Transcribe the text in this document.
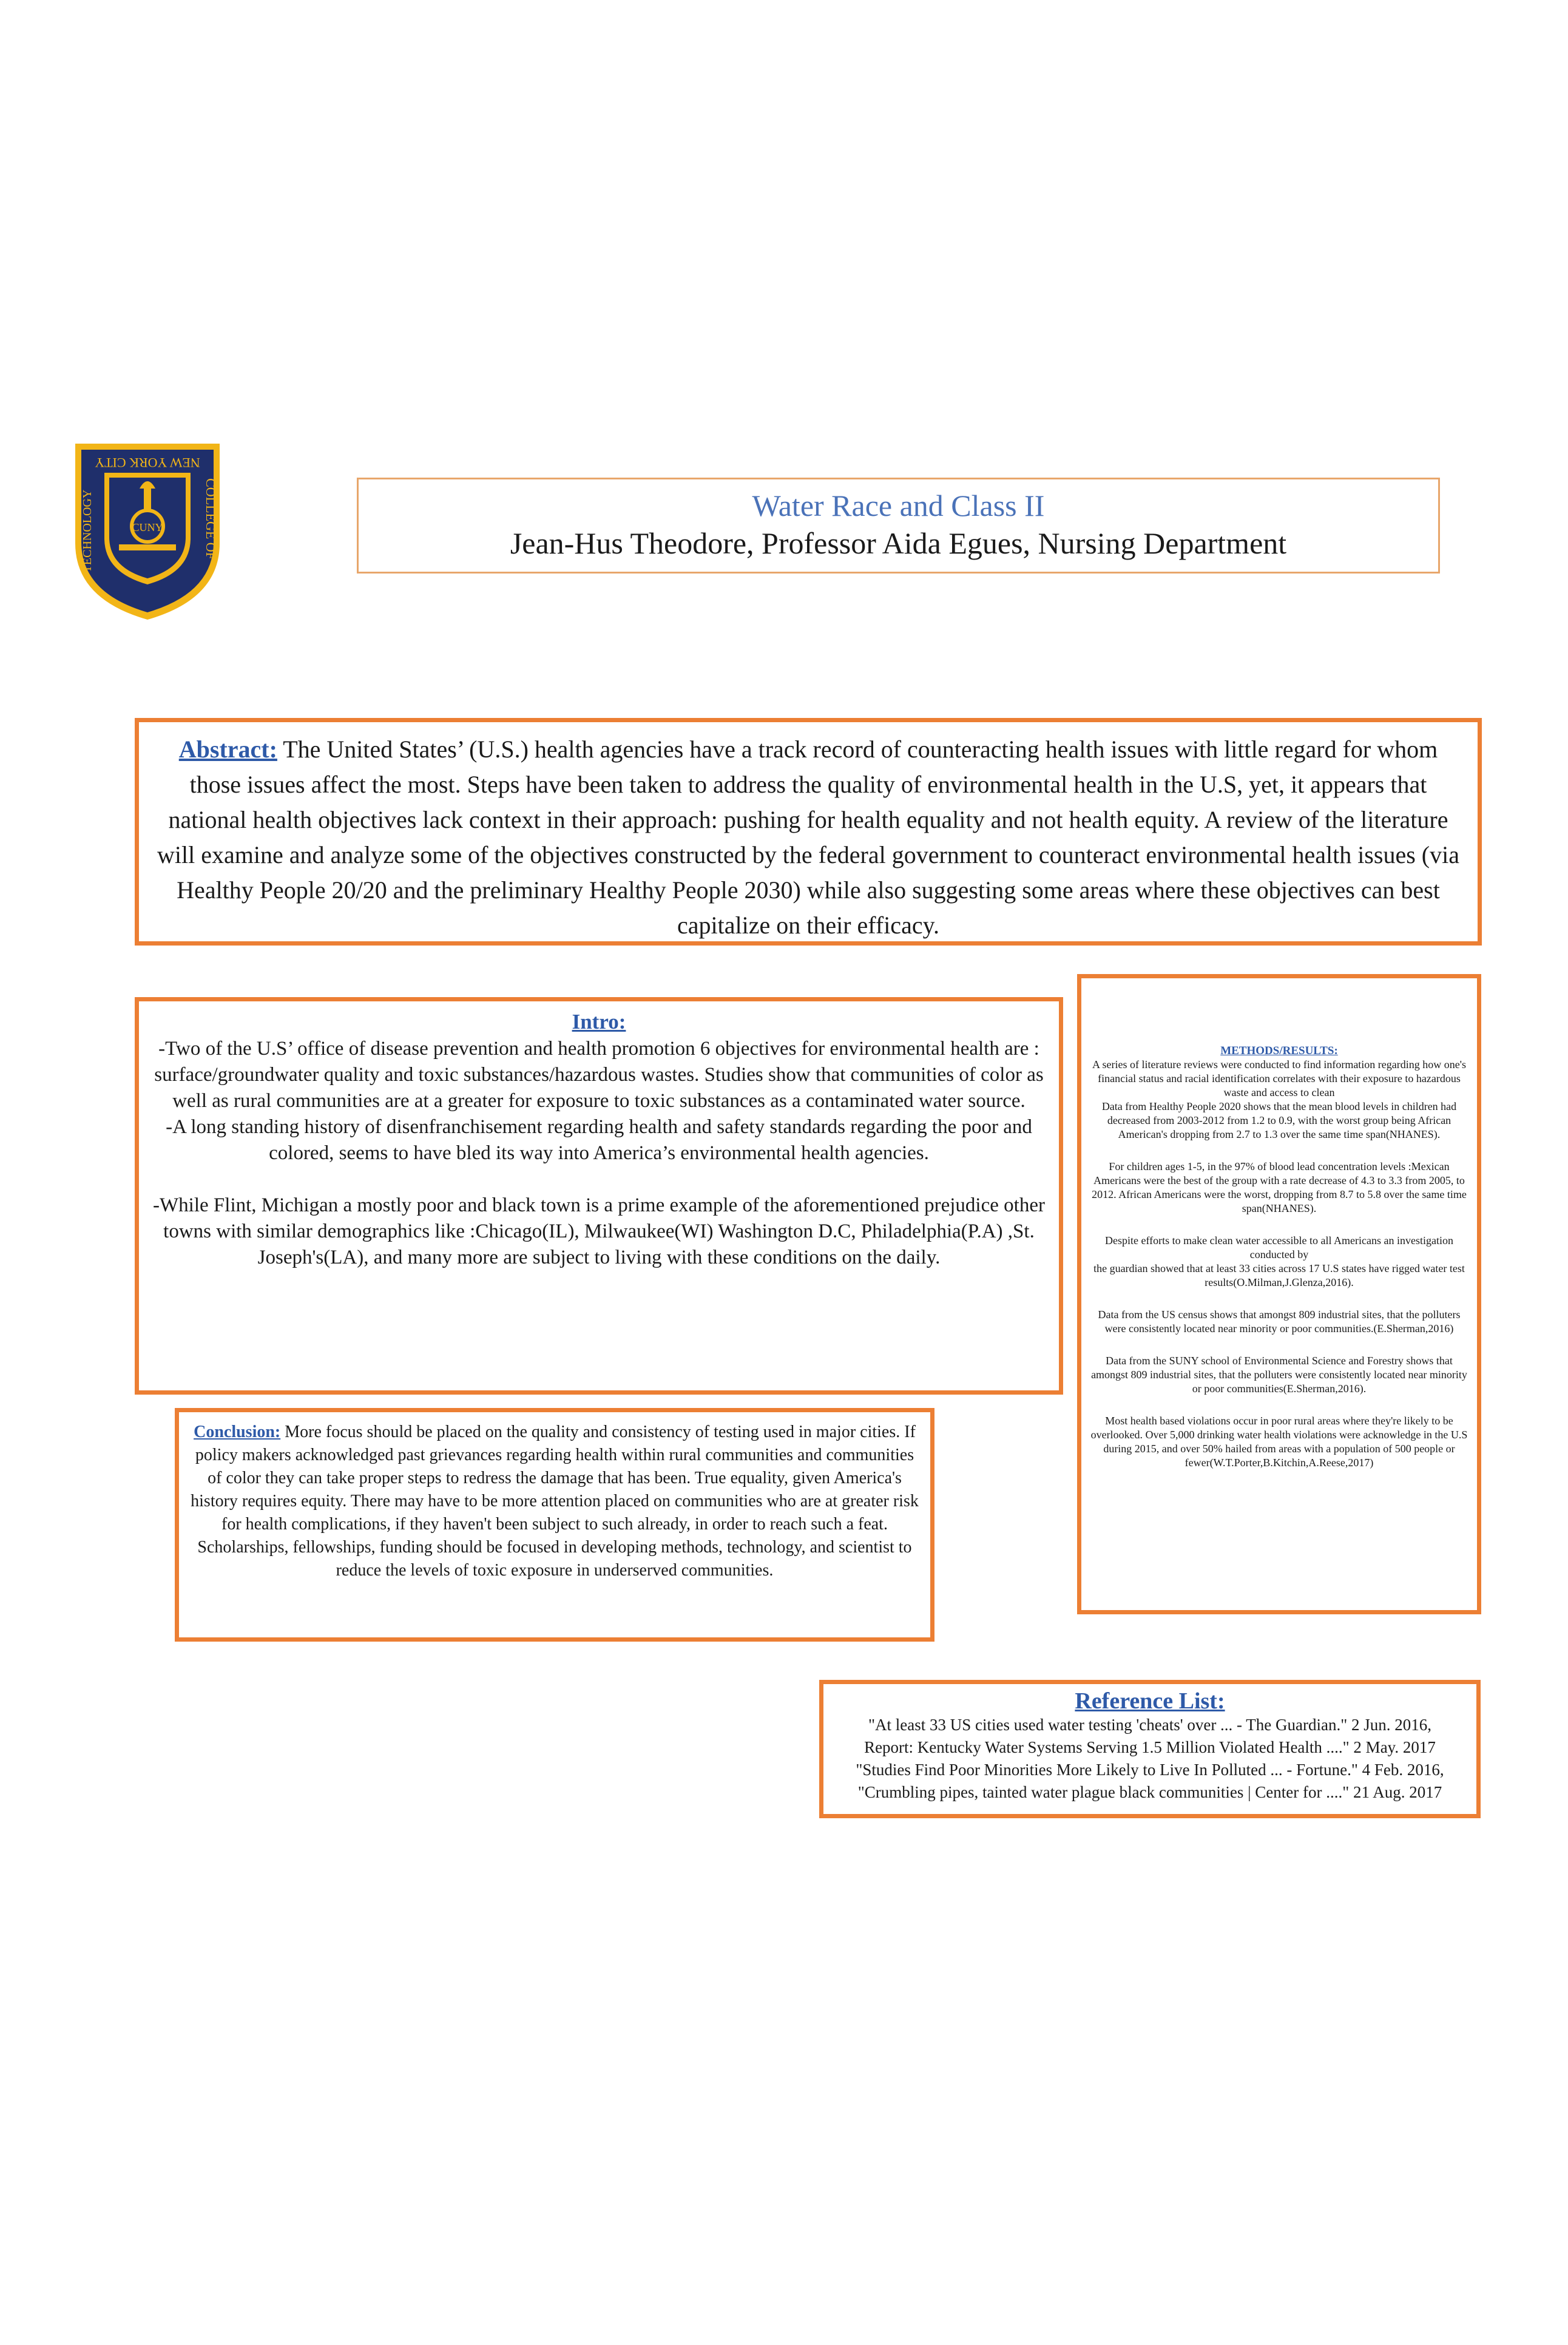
CUNY
NEW YORK CITY
COLLEGE OF
TECHNOLOGY	Water Race and Class II
Jean-Hus Theodore, Professor Aida Egues, Nursing Department
Abstract: The United States’ (U.S.) health agencies have a track record of counteracting health issues with little regard for whom those issues affect the most. Steps have been taken to address the quality of environmental health in the U.S, yet, it appears that national health objectives lack context in their approach: pushing for health equality and not health equity. A review of the literature will examine and analyze some of the objectives constructed by the federal government to counteract environmental health issues (via Healthy People 20/20 and the preliminary Healthy People 2030) while also suggesting some areas where these objectives can best capitalize on their efficacy.
Intro:

-Two of the U.S’ office of disease prevention and health promotion 6 objectives for environmental health are : surface/groundwater quality and toxic substances/hazardous wastes. Studies show that communities of color as well as rural communities are at a greater for exposure to toxic substances as a contaminated water source.

-A long standing history of disenfranchisement regarding health and safety standards regarding the poor and colored, seems to have bled its way into America’s environmental health agencies.

-While Flint, Michigan a mostly poor and black town is a prime example of the aforementioned prejudice other towns with similar demographics like :Chicago(IL), Milwaukee(WI) Washington D.C, Philadelphia(P.A) ,St. Joseph's(LA), and many more are subject to living with these conditions on the daily.

METHODS/RESULTS:

A series of literature reviews were conducted to find information regarding how one's financial status and racial identification correlates with their exposure to hazardous waste and access to clean

Data from Healthy People 2020 shows that the mean blood levels in children had decreased from 2003-2012 from 1.2 to 0.9, with the worst group being African American's dropping from 2.7 to 1.3 over the same time span(NHANES).

For children ages 1-5, in the 97% of blood lead concentration levels :Mexican Americans were the best of the group with a rate decrease of 4.3 to 3.3 from 2005, to 2012. African Americans were the worst, dropping from 8.7 to 5.8 over the same time span(NHANES).

Despite efforts to make clean water accessible to all Americans an investigation conducted by

the guardian showed that at least 33 cities across 17 U.S states have rigged water test results(O.Milman,J.Glenza,2016).

Data from the US census shows that amongst 809 industrial sites, that the polluters were consistently located near minority or poor communities.(E.Sherman,2016)

Data from the SUNY school of Environmental Science and Forestry shows that amongst 809 industrial sites, that the polluters were consistently located near minority or poor communities(E.Sherman,2016).

Most health based violations occur in poor rural areas where they're likely to be overlooked. Over 5,000 drinking water health violations were acknowledge in the U.S during 2015, and over 50% hailed from areas with a population of 500 people or fewer(W.T.Porter,B.Kitchin,A.Reese,2017)

Conclusion: More focus should be placed on the quality and consistency of testing used in major cities. If policy makers acknowledged past grievances regarding health within rural communities and communities of color they can take proper steps to redress the damage that has been. True equality, given America's history requires equity. There may have to be more attention placed on communities who are at greater risk for health complications, if they haven't been subject to such already, in order to reach such a feat. Scholarships, fellowships, funding should be focused in developing methods, technology, and scientist to reduce the levels of toxic exposure in underserved communities.
Reference List:
"At least 33 US cities used water testing 'cheats' over ... - The Guardian." 2 Jun. 2016,
Report: Kentucky Water Systems Serving 1.5 Million Violated Health ...." 2 May. 2017
"Studies Find Poor Minorities More Likely to Live In Polluted ... - Fortune." 4 Feb. 2016,
"Crumbling pipes, tainted water plague black communities | Center for ...." 21 Aug. 2017
